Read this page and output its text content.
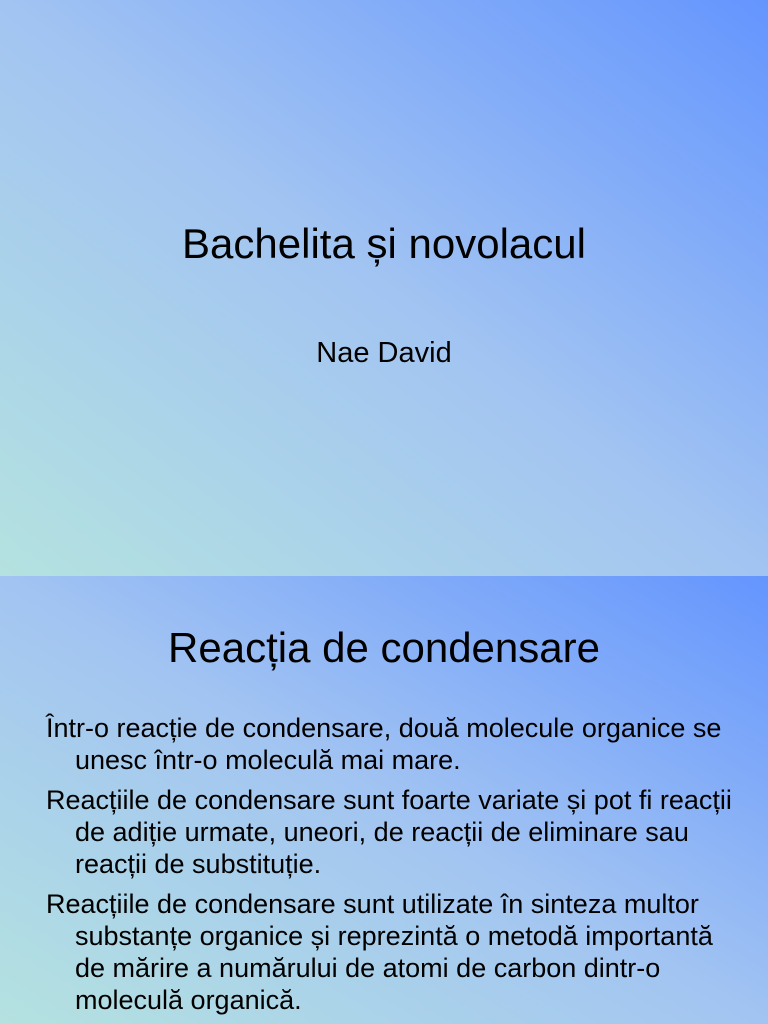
Bachelita și novolacul
Nae David
Reacția de condensare
Într-o reacție de condensare, două molecule organice se unesc într-o moleculă mai mare.
Reacțiile de condensare sunt foarte variate și pot fi reacții de adiție urmate, uneori, de reacții de eliminare sau reacții de substituție.
Reacțiile de condensare sunt utilizate în sinteza multor substanțe organice și reprezintă o metodă importantă de mărire a numărului de atomi de carbon dintr-o moleculă organică.
